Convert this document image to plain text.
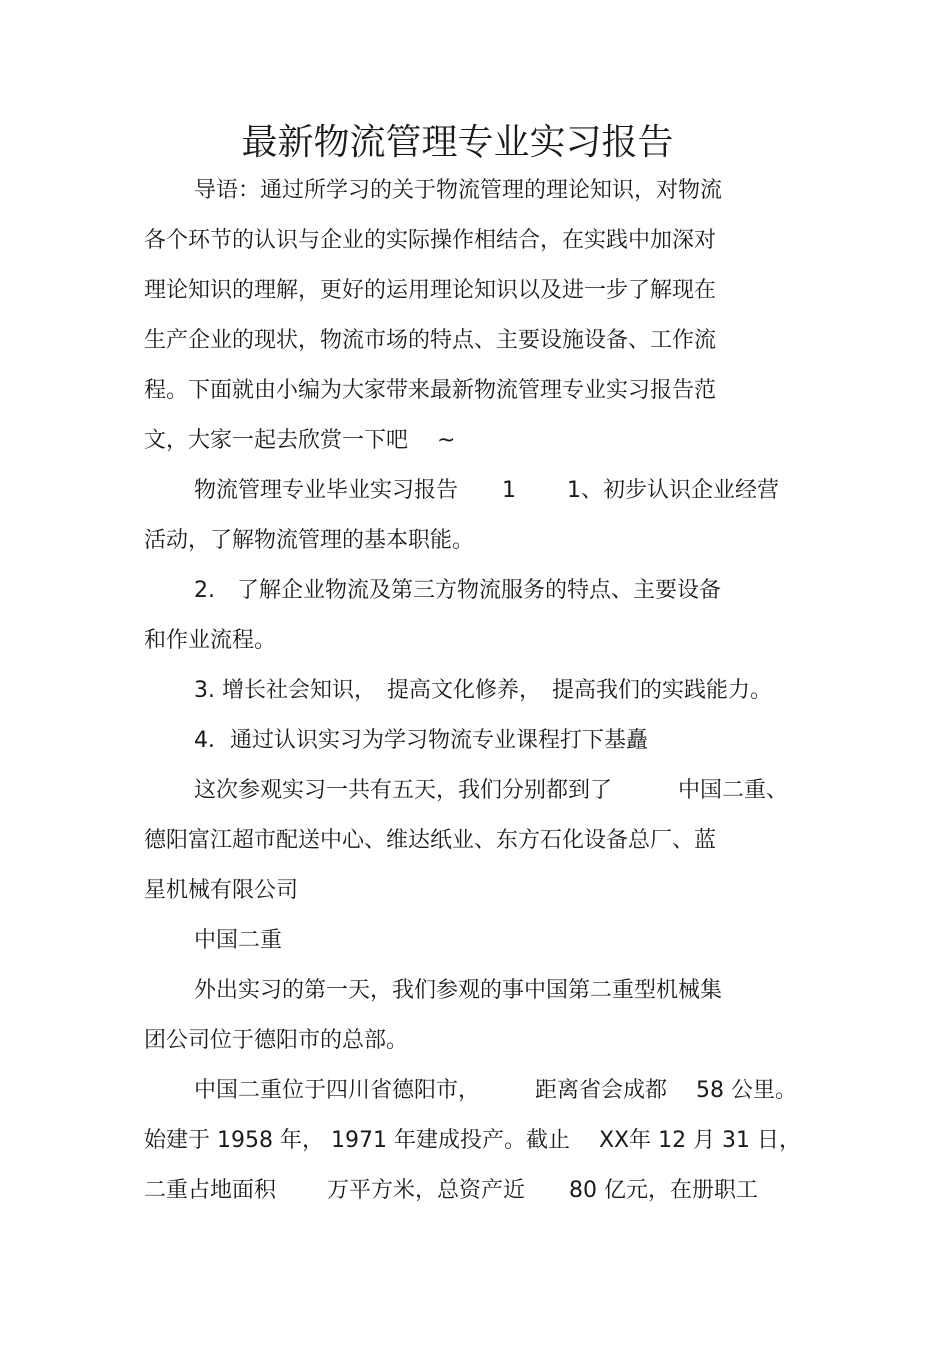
最新物流管理专业实习报告
导语：通过所学习的关于物流管理的理论知识，对物流
各个环节的认识与企业的实际操作相结合，在实践中加深对
理论知识的理解，更好的运用理论知识以及进一步了解现在
生产企业的现状，物流市场的特点、主要设施设备、工作流
程。下面就由小编为大家带来最新物流管理专业实习报告范
文，大家一起去欣赏一下吧　 ~
物流管理专业毕业实习报告　　1　　 1、初步认识企业经营
活动，了解物流管理的基本职能。
2.　了解企业物流及第三方物流服务的特点、主要设备
和作业流程。
3. 增长社会知识，　提高文化修养，　提高我们的实践能力。
4．通过认识实习为学习物流专业课程打下基矗
这次参观实习一共有五天，我们分别都到了　　　中国二重、
德阳富江超市配送中心、维达纸业、东方石化设备总厂、蓝
星机械有限公司
中国二重
外出实习的第一天，我们参观的事中国第二重型机械集
团公司位于德阳市的总部。
中国二重位于四川省德阳市，　　　距离省会成都　 58 公里。
始建于 1958 年， 1971 年建成投产。截止　 XX年 12 月 31 日，
二重占地面积　　 万平方米，总资产近　　80 亿元，在册职工
